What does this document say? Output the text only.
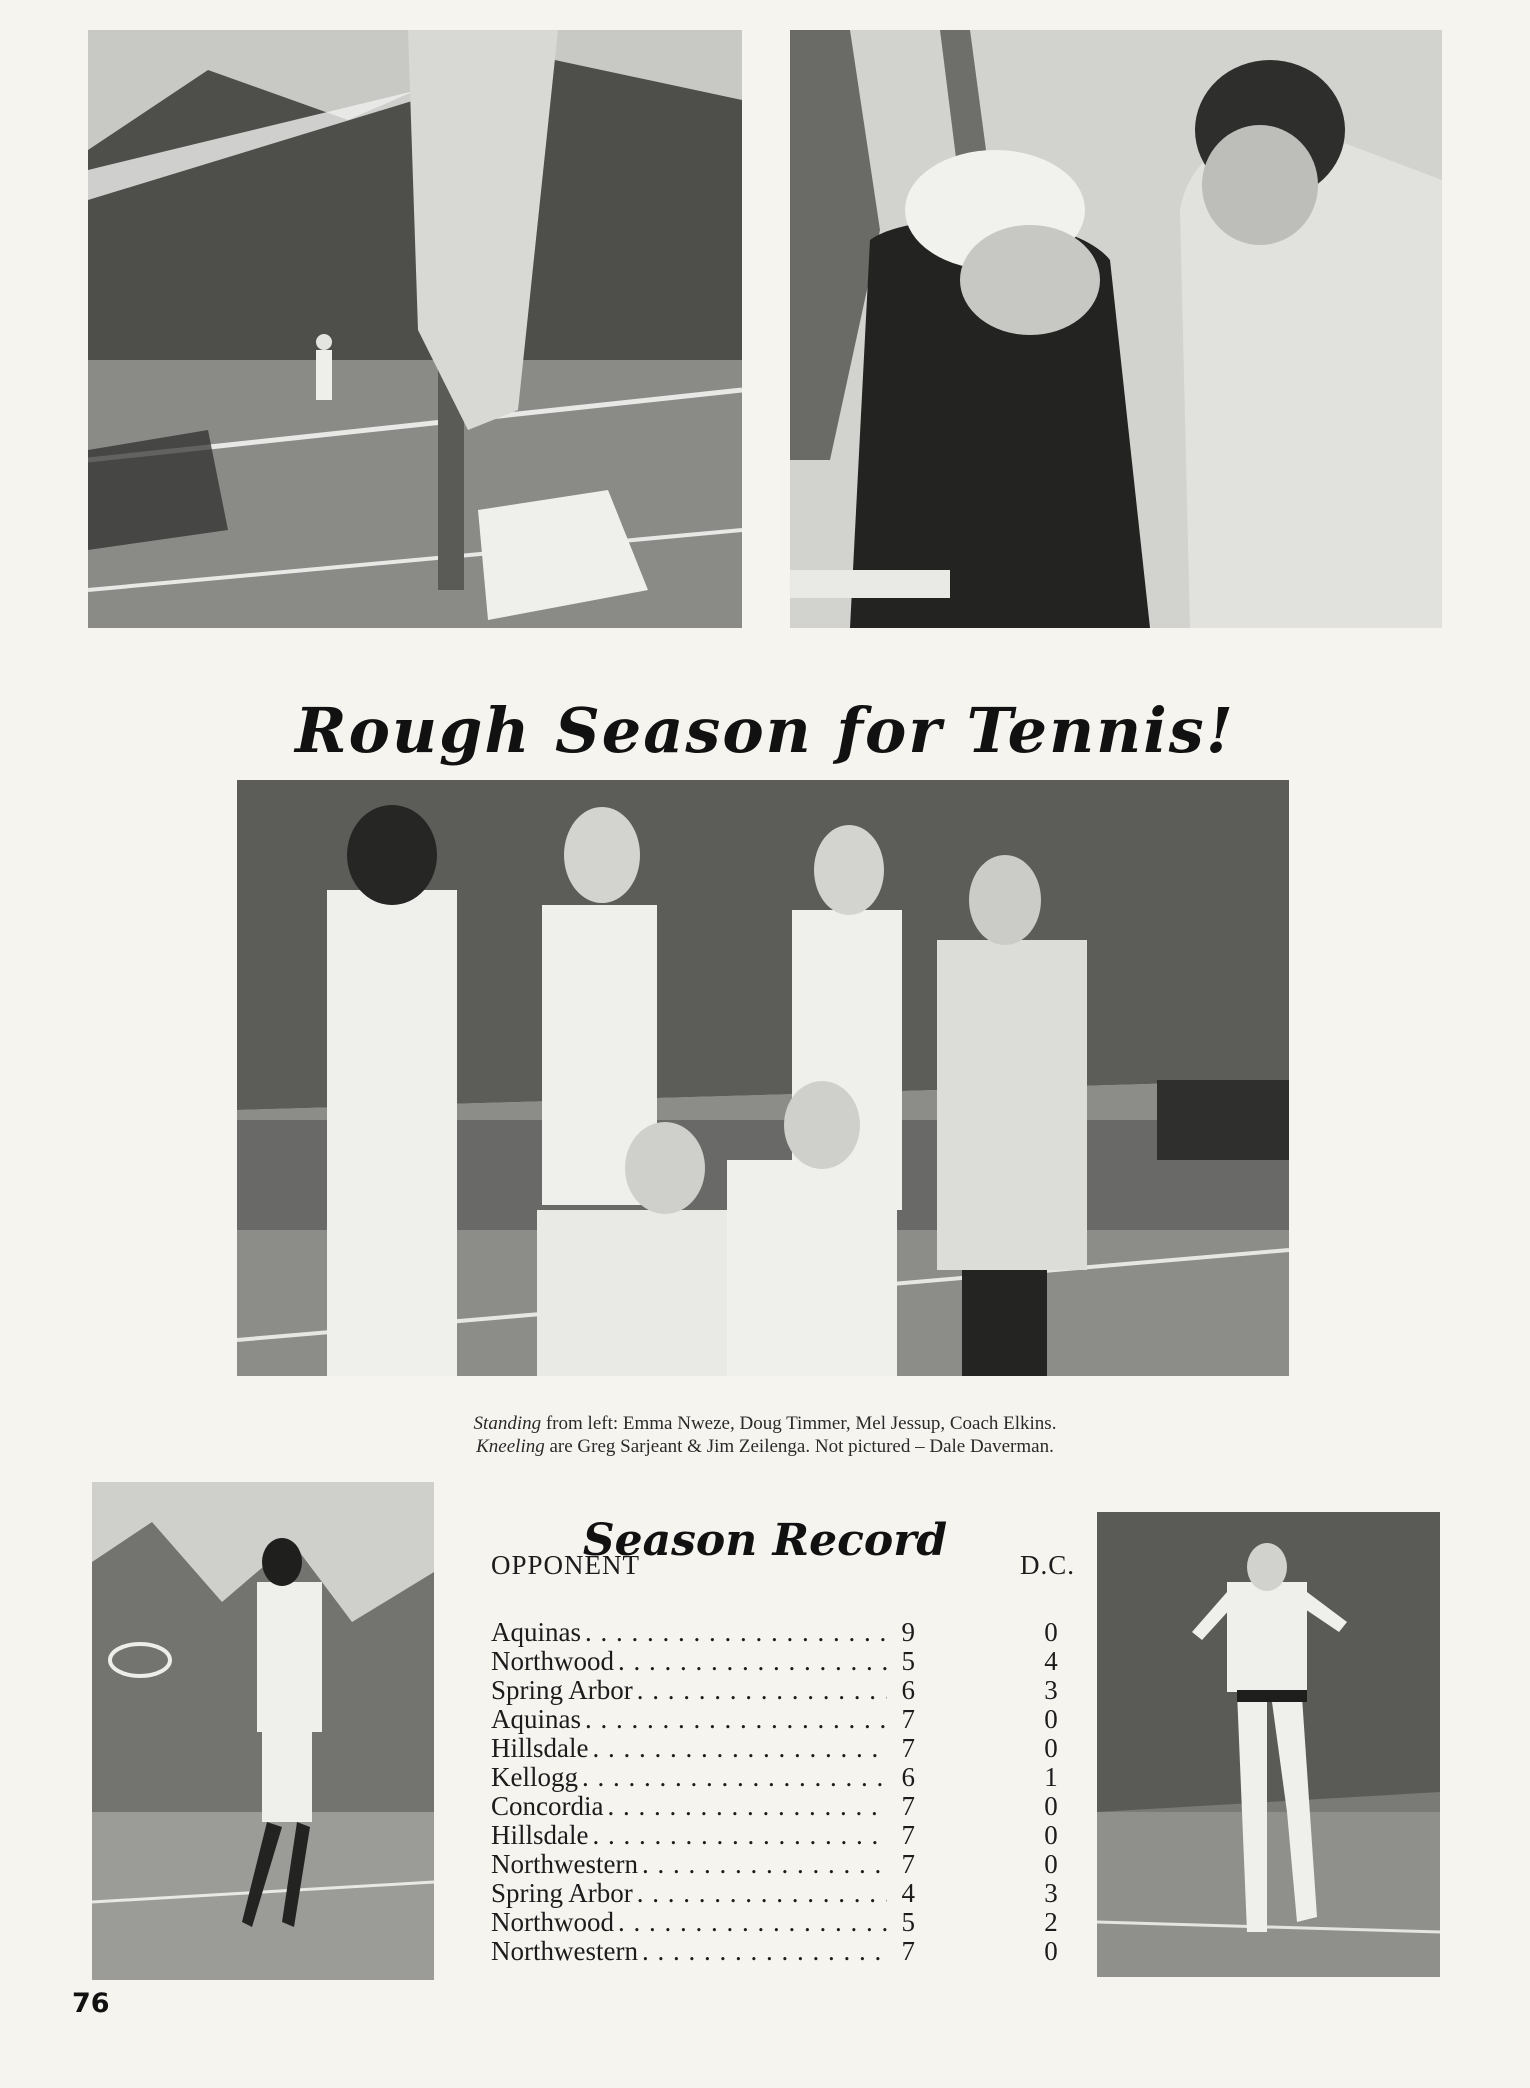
Rough Season for Tennis!
Standing from left: Emma Nweze, Doug Timmer, Mel Jessup, Coach Elkins.
Kneeling are Greg Sarjeant & Jim Zeilenga. Not pictured – Dale Daverman.
Season Record
OPPONENT	D.C.
Aquinas . . .	9	0
Northwood . . .	5	4
Spring Arbor . . .	6	3
Aquinas . . .	7	0
Hillsdale . . .	7	0
Kellogg . . .	6	1
Concordia . . .	7	0
Hillsdale . . .	7	0
Northwestern . . .	7	0
Spring Arbor . . .	4	3
Northwood . . .	5	2
Northwestern . . .	7	0
76
